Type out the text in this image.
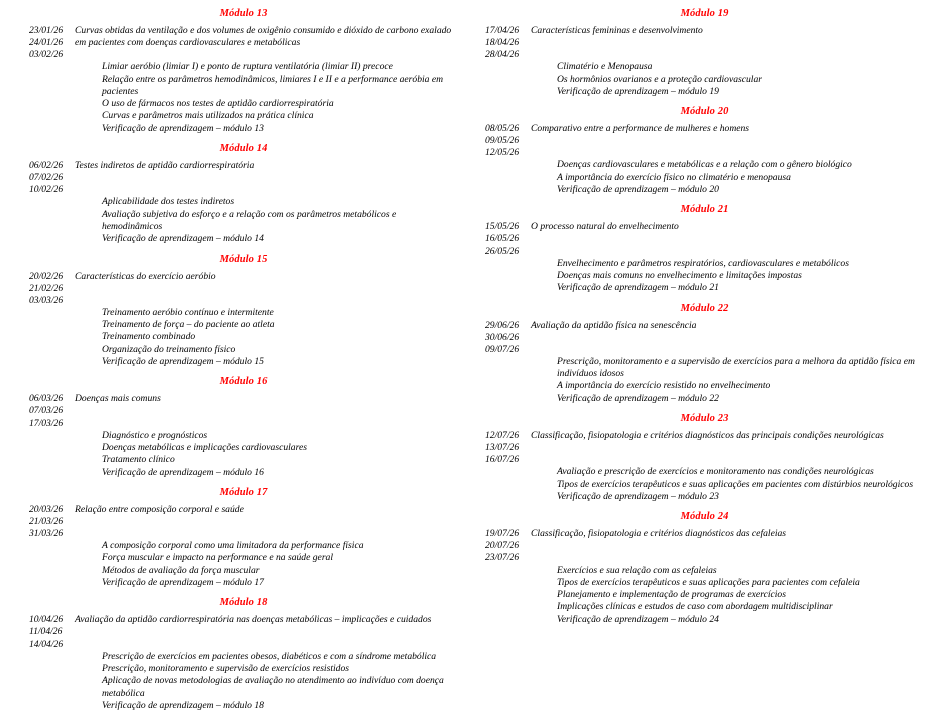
Módulo 13
23/01/26
24/01/26
03/02/26
Curvas obtidas da ventilação e dos volumes de oxigênio consumido e dióxido de carbono exalado em pacientes com doenças cardiovasculares e metabólicas
Limiar aeróbio (limiar I) e ponto de ruptura ventilatória (limiar II) precoce
Relação entre os parâmetros hemodinâmicos, limiares I e II e a performance aeróbia em pacientes
O uso de fármacos nos testes de aptidão cardiorrespiratória
Curvas e parâmetros mais utilizados na prática clínica
Verificação de aprendizagem – módulo 13
Módulo 14
06/02/26
07/02/26
10/02/26
Testes indiretos de aptidão cardiorrespiratória
Aplicabilidade dos testes indiretos
Avaliação subjetiva do esforço e a relação com os parâmetros metabólicos e hemodinâmicos
Verificação de aprendizagem – módulo 14
Módulo 15
20/02/26
21/02/26
03/03/26
Características do exercício aeróbio
Treinamento aeróbio contínuo e intermitente
Treinamento de força – do paciente ao atleta
Treinamento combinado
Organização do treinamento físico
Verificação de aprendizagem – módulo 15
Módulo 16
06/03/26
07/03/26
17/03/26
Doenças mais comuns
Diagnóstico e prognósticos
Doenças metabólicas e implicações cardiovasculares
Tratamento clínico
Verificação de aprendizagem – módulo 16
Módulo 17
20/03/26
21/03/26
31/03/26
Relação entre composição corporal e saúde
A composição corporal como uma limitadora da performance física
Força muscular e impacto na performance e na saúde geral
Métodos de avaliação da força muscular
Verificação de aprendizagem – módulo 17
Módulo 18
10/04/26
11/04/26
14/04/26
Avaliação da aptidão cardiorrespiratória nas doenças metabólicas – implicações e cuidados
Prescrição de exercícios em pacientes obesos, diabéticos e com a síndrome metabólica
Prescrição, monitoramento e supervisão de exercícios resistidos
Aplicação de novas metodologias de avaliação no atendimento ao indivíduo com doença metabólica
Verificação de aprendizagem – módulo 18
Módulo 19
17/04/26
18/04/26
28/04/26
Características femininas e desenvolvimento
Climatério e Menopausa
Os hormônios ovarianos e a proteção cardiovascular
Verificação de aprendizagem – módulo 19
Módulo 20
08/05/26
09/05/26
12/05/26
Comparativo entre a performance de mulheres e homens
Doenças cardiovasculares e metabólicas e a relação com o gênero biológico
A importância do exercício físico no climatério e menopausa
Verificação de aprendizagem – módulo 20
Módulo 21
15/05/26
16/05/26
26/05/26
O processo natural do envelhecimento
Envelhecimento e parâmetros respiratórios, cardiovasculares e metabólicos
Doenças mais comuns no envelhecimento e limitações impostas
Verificação de aprendizagem – módulo 21
Módulo 22
29/06/26
30/06/26
09/07/26
Avaliação da aptidão física na senescência
Prescrição, monitoramento e a supervisão de exercícios para a melhora da aptidão física em indivíduos idosos
A importância do exercício resistido no envelhecimento
Verificação de aprendizagem – módulo 22
Módulo 23
12/07/26
13/07/26
16/07/26
Classificação, fisiopatologia e critérios diagnósticos das principais condições neurológicas
Avaliação e prescrição de exercícios e monitoramento nas condições neurológicas
Tipos de exercícios terapêuticos e suas aplicações em pacientes com distúrbios neurológicos
Verificação de aprendizagem – módulo 23
Módulo 24
19/07/26
20/07/26
23/07/26
Classificação, fisiopatologia e critérios diagnósticos das cefaleias
Exercícios e sua relação com as cefaleias
Tipos de exercícios terapêuticos e suas aplicações para pacientes com cefaleia
Planejamento e implementação de programas de exercícios
Implicações clínicas e estudos de caso com abordagem multidisciplinar
Verificação de aprendizagem – módulo 24
